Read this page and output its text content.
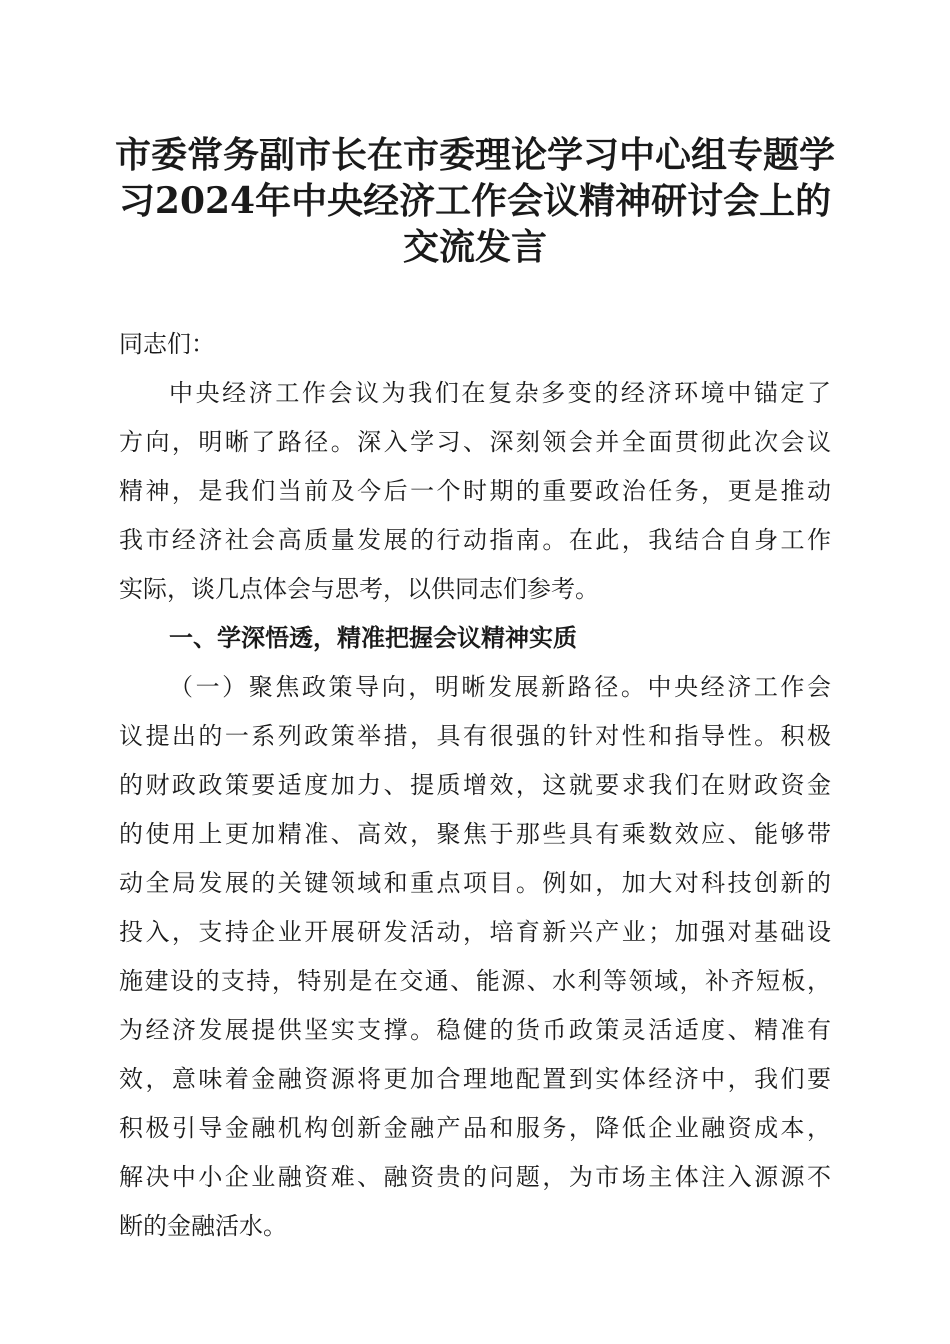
市委常务副市长在市委理论学习中心组专题学
习2024年中央经济工作会议精神研讨会上的
交流发言
同志们：
中央经济工作会议为我们在复杂多变的经济环境中锚定了
方向，明晰了路径。深入学习、深刻领会并全面贯彻此次会议
精神，是我们当前及今后一个时期的重要政治任务，更是推动
我市经济社会高质量发展的行动指南。在此，我结合自身工作
实际，谈几点体会与思考，以供同志们参考。
一、学深悟透，精准把握会议精神实质
（一）聚焦政策导向，明晰发展新路径。中央经济工作会
议提出的一系列政策举措，具有很强的针对性和指导性。积极
的财政政策要适度加力、提质增效，这就要求我们在财政资金
的使用上更加精准、高效，聚焦于那些具有乘数效应、能够带
动全局发展的关键领域和重点项目。例如，加大对科技创新的
投入，支持企业开展研发活动，培育新兴产业；加强对基础设
施建设的支持，特别是在交通、能源、水利等领域，补齐短板，
为经济发展提供坚实支撑。稳健的货币政策灵活适度、精准有
效，意味着金融资源将更加合理地配置到实体经济中，我们要
积极引导金融机构创新金融产品和服务，降低企业融资成本，
解决中小企业融资难、融资贵的问题，为市场主体注入源源不
断的金融活水。
